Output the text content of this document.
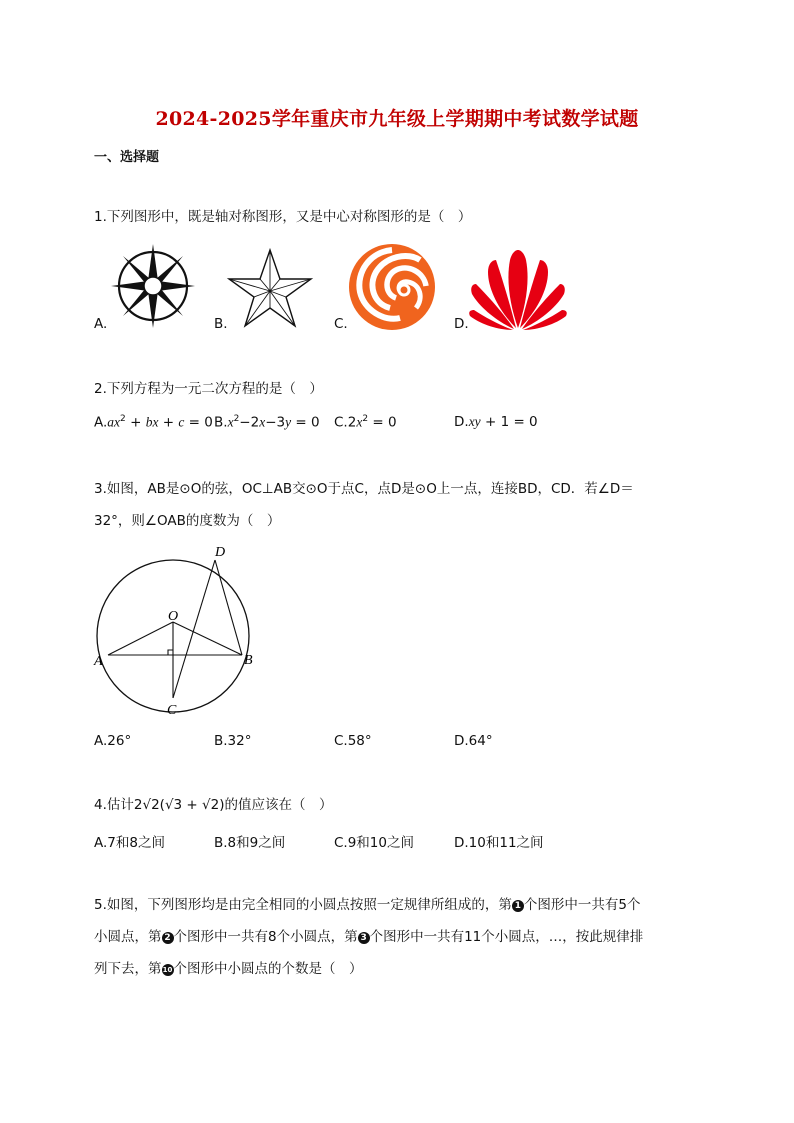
2024-2025学年重庆市九年级上学期期中考试数学试题
一、选择题
1.下列图形中，既是轴对称图形，又是中心对称图形的是（　）
A.	B.	C.	D.
2.下列方程为一元二次方程的是（　）
$A.ax^2$ + bx + c = 0 $B.x^2-2x-3y = 0$ $C.2x^2 = 0$	D.xy + 1 = 0
3.如图，AB是⊙O的弦，OC⊥AB交⊙O于点C，点D是⊙O上一点，连接BD，CD．若∠D＝
32°，则∠OAB的度数为（　）
O
A	B
C
D
A.26°	B.32°	C.58°	D.64°
4.估计2√2(√3 + √2)的值应该在（　）
A.7和8之间	B.8和9之间	C.9和10之间	D.10和11之间
5.如图，下列图形均是由完全相同的小圆点按照一定规律所组成的，第 1 个图形中一共有5个
小圆点，第 2 个图形中一共有8个小圆点，第 3 个图形中一共有11个小圆点，…，按此规律排
列下去，第10个图形中小圆点的个数是（　）
